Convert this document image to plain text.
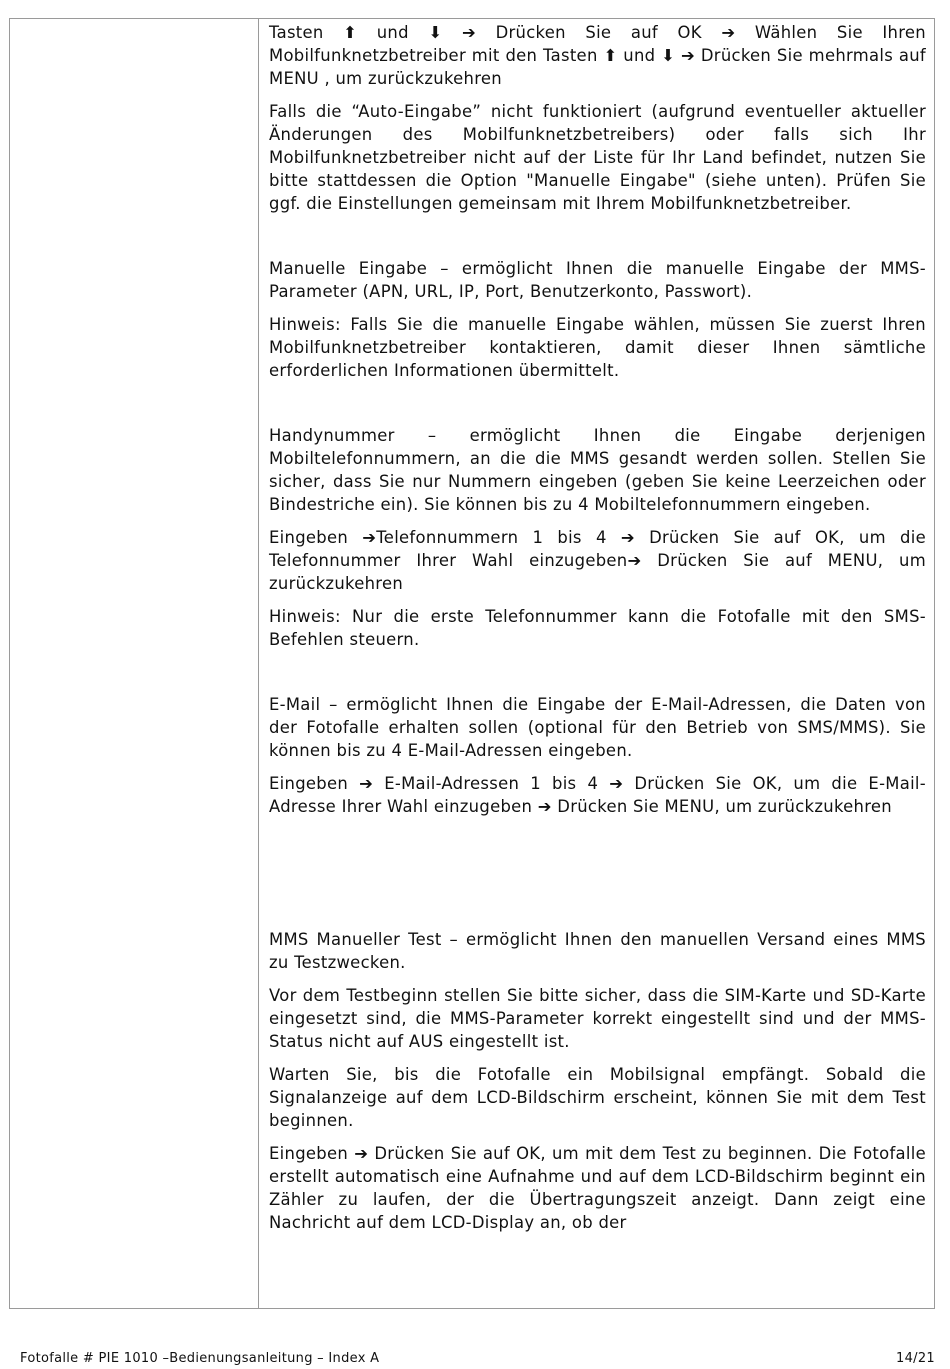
Tasten ⬆ und ⬇ ➔ Drücken Sie auf OK ➔ Wählen Sie Ihren Mobilfunknetzbetreiber mit den Tasten ⬆ und ⬇ ➔ Drücken Sie mehrmals auf MENU , um zurückzukehren

Falls die “Auto-Eingabe” nicht funktioniert (aufgrund eventueller aktueller Änderungen des Mobilfunknetzbetreibers) oder falls sich Ihr Mobilfunknetzbetreiber nicht auf der Liste für Ihr Land befindet, nutzen Sie bitte stattdessen die Option "Manuelle Eingabe" (siehe unten). Prüfen Sie ggf. die Einstellungen gemeinsam mit Ihrem Mobilfunknetzbetreiber.

Manuelle Eingabe – ermöglicht Ihnen die manuelle Eingabe der MMS-Parameter (APN, URL, IP, Port, Benutzerkonto, Passwort).

Hinweis: Falls Sie die manuelle Eingabe wählen, müssen Sie zuerst Ihren Mobilfunknetzbetreiber kontaktieren, damit dieser Ihnen sämtliche erforderlichen Informationen übermittelt.

Handynummer – ermöglicht Ihnen die Eingabe derjenigen Mobiltelefonnummern, an die die MMS gesandt werden sollen. Stellen Sie sicher, dass Sie nur Nummern eingeben (geben Sie keine Leerzeichen oder Bindestriche ein). Sie können bis zu 4 Mobiltelefonnummern eingeben.

Eingeben ➔Telefonnummern 1 bis 4 ➔ Drücken Sie auf OK, um die Telefonnummer Ihrer Wahl einzugeben➔ Drücken Sie auf MENU, um zurückzukehren

Hinweis: Nur die erste Telefonnummer kann die Fotofalle mit den SMS-Befehlen steuern.

E-Mail – ermöglicht Ihnen die Eingabe der E-Mail-Adressen, die Daten von der Fotofalle erhalten sollen (optional für den Betrieb von SMS/MMS). Sie können bis zu 4 E-Mail-Adressen eingeben.

Eingeben ➔ E-Mail-Adressen 1 bis 4 ➔ Drücken Sie OK, um die E-Mail-Adresse Ihrer Wahl einzugeben ➔ Drücken Sie MENU, um zurückzukehren

MMS Manueller Test – ermöglicht Ihnen den manuellen Versand eines MMS zu Testzwecken.

Vor dem Testbeginn stellen Sie bitte sicher, dass die SIM-Karte und SD-Karte eingesetzt sind, die MMS-Parameter korrekt eingestellt sind und der MMS-Status nicht auf AUS eingestellt ist.

Warten Sie, bis die Fotofalle ein Mobilsignal empfängt. Sobald die Signalanzeige auf dem LCD-Bildschirm erscheint, können Sie mit dem Test beginnen.

Eingeben ➔ Drücken Sie auf OK, um mit dem Test zu beginnen. Die Fotofalle erstellt automatisch eine Aufnahme und auf dem LCD-Bildschirm beginnt ein Zähler zu laufen, der die Übertragungszeit anzeigt. Dann zeigt eine Nachricht auf dem LCD-Display an, ob der

Fotofalle # PIE 1010 –Bedienungsanleitung – Index A	14/21
